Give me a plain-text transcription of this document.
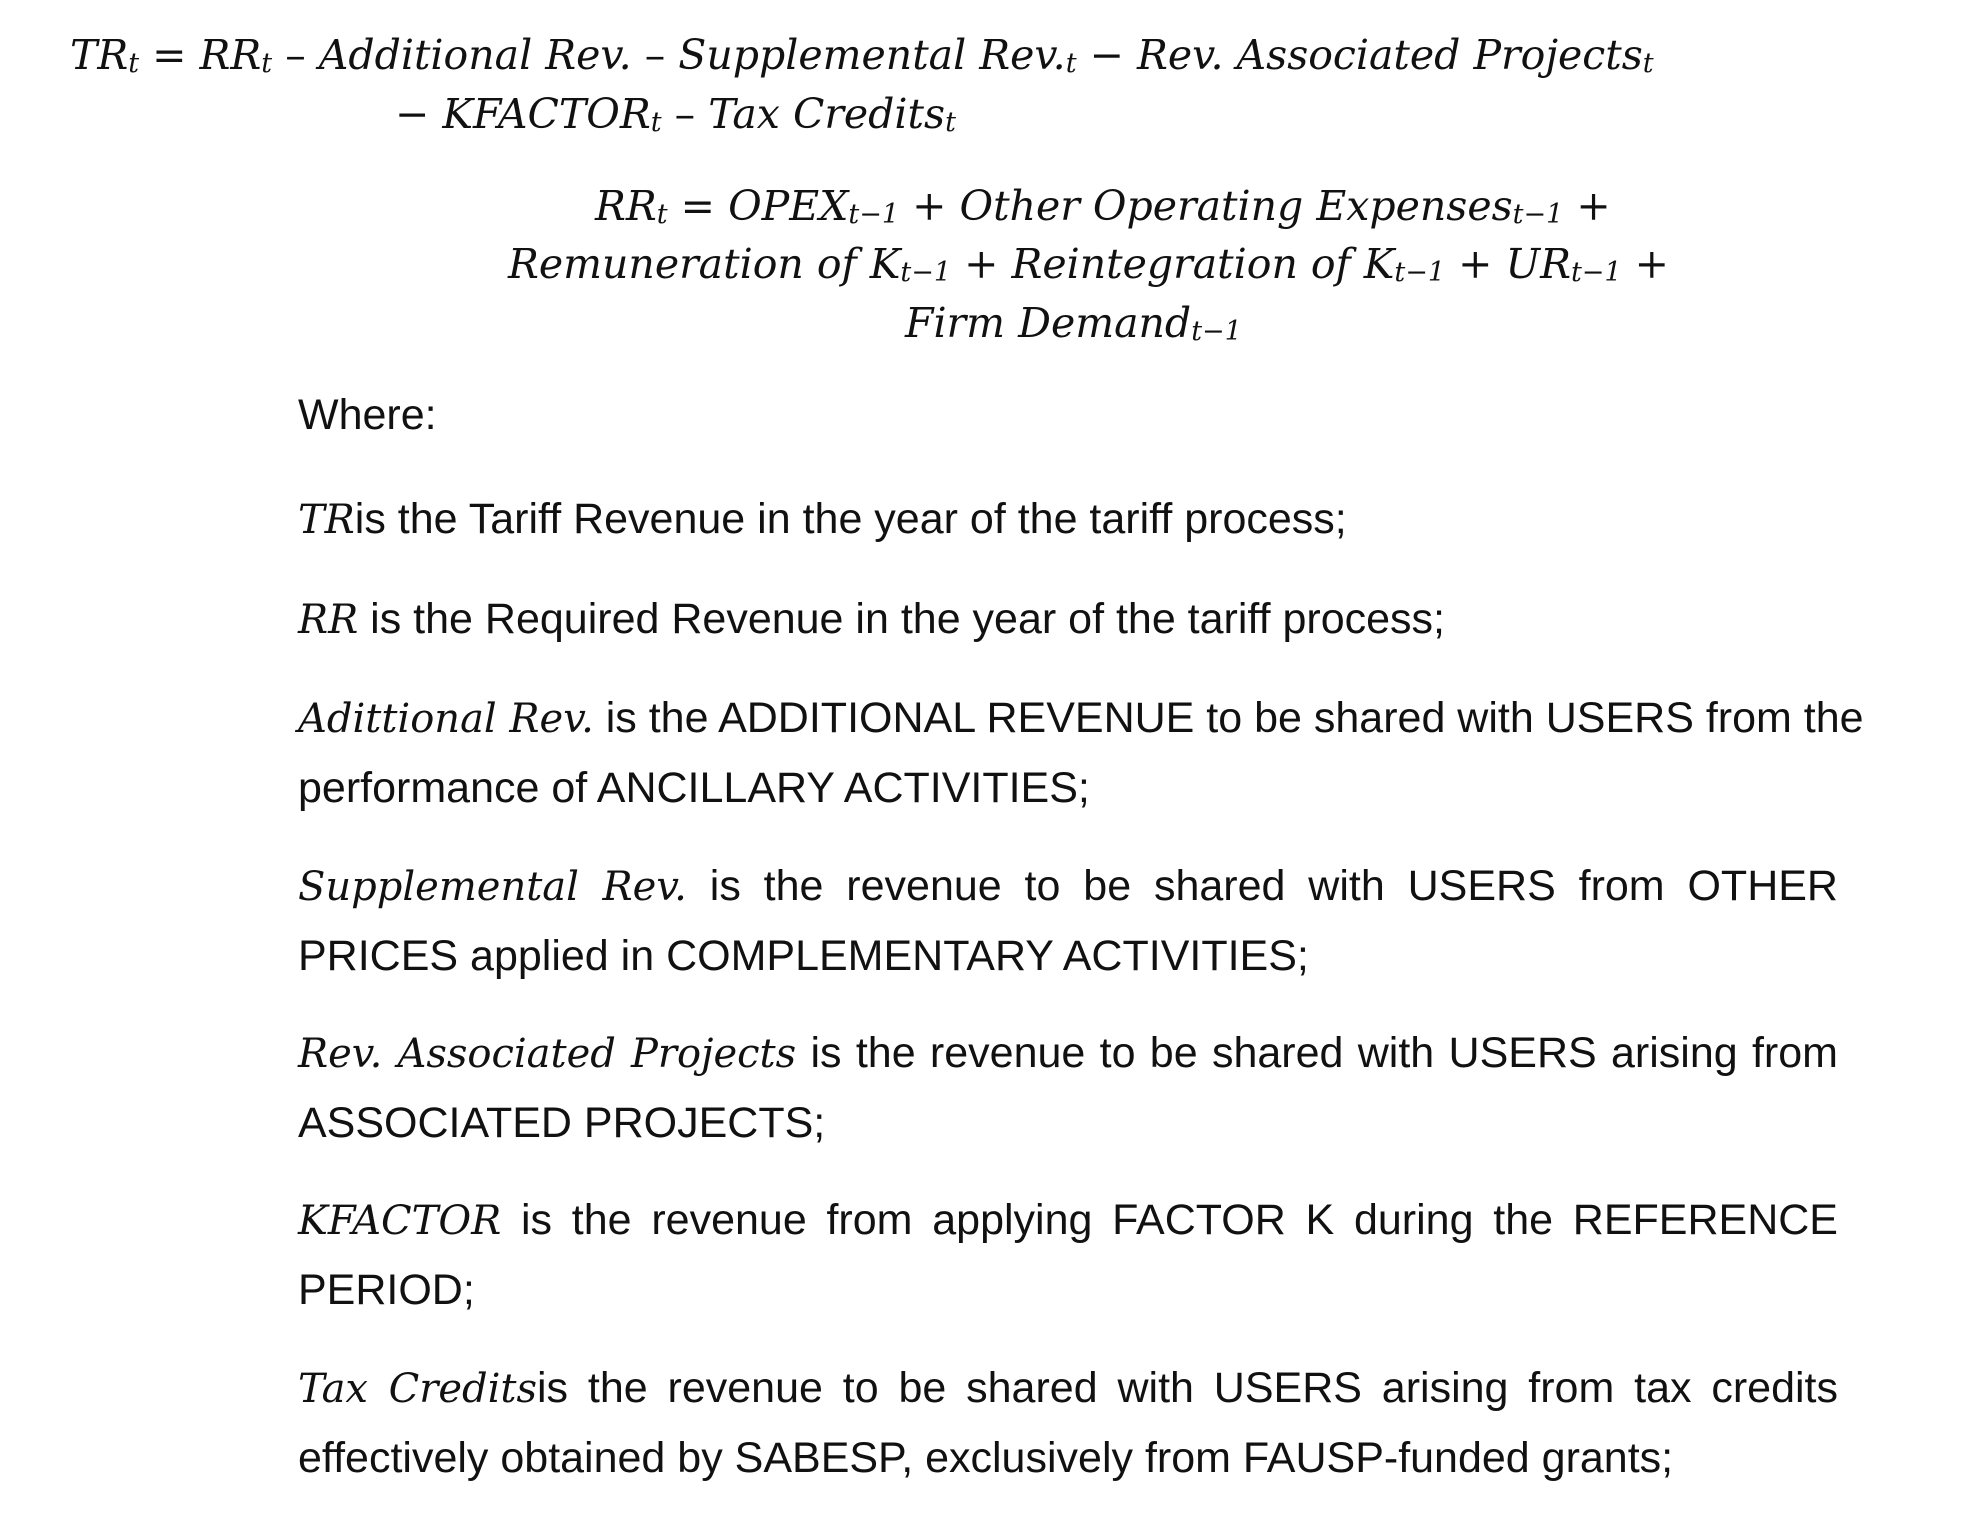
$TR_t = RR_t$ – Additional Rev. – Supplemental $Rev._t$ − Rev. Associated Projects$_t$
− $KFACTOR_t$ – Tax Credits$_t$
$RR_t$ = $OPEX_{t-1}$ + Other Operating Expenses$_{t-1}$ +
Remuneration of $K_{t-1}$ + Reintegration of $K_{t-1} + UR_{t-1}$ +
Firm Demand$_{t-1}$
Where:
TRis the Tariff Revenue in the year of the tariff process;
RR is the Required Revenue in the year of the tariff process;
Adittional Rev. is the ADDITIONAL REVENUE to be shared with USERS from the performance of ANCILLARY ACTIVITIES;
Supplemental Rev. is the revenue to be shared with USERS from OTHER PRICES applied in COMPLEMENTARY ACTIVITIES;
Rev. Associated Projects is the revenue to be shared with USERS arising from ASSOCIATED PROJECTS;
KFACTOR is the revenue from applying FACTOR K during the REFERENCE PERIOD;
Tax Creditsis the revenue to be shared with USERS arising from tax credits effectively obtained by SABESP, exclusively from FAUSP-funded grants;
